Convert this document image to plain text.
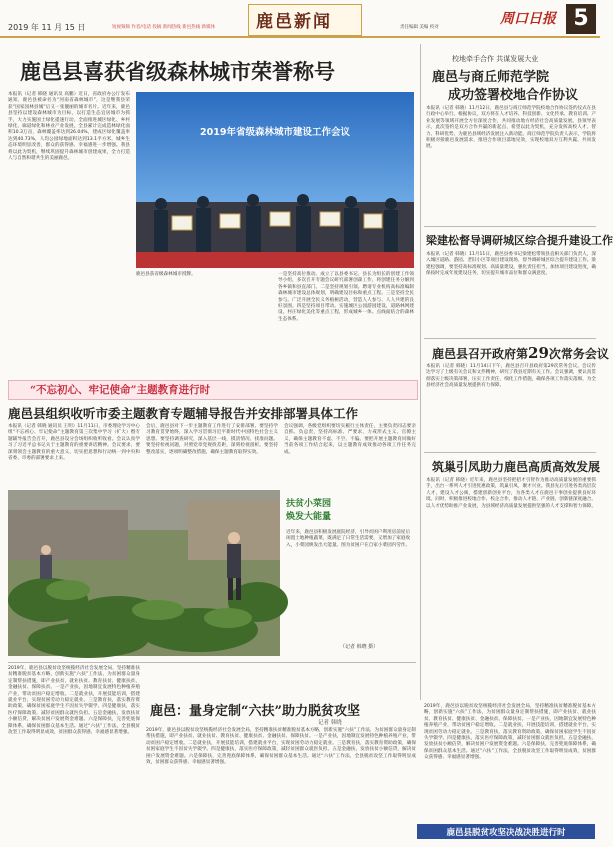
2019 年 11 月 15 日	短视频频 作者/电话 投稿 新闻热线 新邑热线 新媒体 鹿邑新闻	责任编辑 美编 校对
周口日报 5
鹿邑县喜获省级森林城市荣誉称号
本报讯（记者 韩晓 通讯员 高鹏）近日，省政府办公厅发布通知，鹿邑县被命名为“河南省森林城市”，这是继我县荣获“国家园林县城”后又一张靓丽的城市名片。近年来，鹿邑县坚持以建设森林城市为目标，以打造生态宜居城市为抓手，大力实施国土绿化提速行动，全面推进城区绿化、乡村绿化、廊道绿化和林业产业发展。全县累计完成造林绿化面积10.3万亩，森林覆盖率达到26.04%，建成区绿化覆盖率达到40.73%，人均公园绿地面积达到13.1平方米，城乡生态环境明显改善，群众的获得感、幸福感进一步增强。我县将以此为契机，继续巩固提升森林城市创建成果，全力打造人与自然和谐共生的美丽鹿邑。
2019年省级森林城市建设工作会议
鹿邑县获省级森林城市授牌。	一是坚持高位推动。成立了以县委书记、县长为组长的创建工作领导小组，多次召开专题会议研究部署创森工作，将创建任务分解到各乡镇和县直部门。二是坚持规划引领。聘请专业机构高标准编制森林城市建设总体规划，明确建设目标和重点工程。三是坚持全民参与。广泛开展全民义务植树活动，营造人人参与、人人共建的良好氛围。四是坚持项目带动。实施城区公园游园建设、道路林网建设、村庄绿化美化等重点工程，形成城乡一体、点线面结合的森林生态体系。
校地牵手合作 共谋发展大业
鹿邑与商丘师范学院
成功签署校地合作协议
本报讯（记者 韩晓）11月12日，鹿邑县与商丘师范学院校地合作协议签约仪式在县行政中心举行。根据协议，双方将在人才培养、科技创新、文化传承、教育培训、产业发展等领域开展全方位深度合作，共同推动地方经济社会高质量发展。县领导表示，此次签约是双方合作共赢的新起点，希望以此为契机，充分发挥高校人才、智力、科研优势，为鹿邑县域经济发展注入新动能。商丘师范学院负责人表示，学院将积极对接鹿邑发展需求，推进合作项目落地见效，实现校地双方互利共赢、共同发展。
梁建松督导调研城区综合提升建设工作
本报讯（记者 韩晓）11月11日，鹿邑县委书记梁建松带领县直相关部门负责人，深入城区道路、游园、老旧小区等项目建设现场，督导调研城区综合提升建设工作。梁建松强调，要坚持高标准规划、高质量建设，强化责任担当，加快项目建设进度，确保按时完成年度建设任务，切实提升城市品位和群众满意度。
鹿邑县召开政府第29次常务会议
本报讯（记者 韩晓）11月14日下午，鹿邑县召开县政府第29次常务会议。会议传达学习了上级有关会议和文件精神，研究了我县近期有关工作。会议强调，要认真贯彻落实上级决策部署，压实工作责任，细化工作措施，确保各项工作落实落细，为全县经济社会高质量发展提供有力保障。
筑巢引凤助力鹿邑高质高效发展
本报讯（记者 韩晓）近年来，鹿邑县坚持把招才引智作为推动高质量发展的重要抓手，出台一系列人才引进优惠政策，筑巢引凤，聚才兴业。我县先后引进各类高层次人才，建设人才公寓，搭建创新创业平台，为各类人才在鹿邑干事创业提供良好环境。同时，积极推进校地合作、校企合作，推动人才链、产业链、创新链深度融合，以人才优势助推产业发展，为县域经济高质量发展提供坚强的人才支撑和智力保障。
“不忘初心、牢记使命”主题教育进行时
鹿邑县组织收听市委主题教育专题辅导报告并安排部署具体工作
本报讯（记者 韩晓 通讯员 王明）11月11日，市委理论学习中心组“不忘初心、牢记使命”主题教育第三次集中学习（扩大）暨专题辅导报告会召开，鹿邑县设分会场组织收听收看。会议认真学习了习近平总书记关于主题教育的重要讲话精神。会议要求，要深刻领会主题教育的重大意义，切实把思想和行动统一到中央和省委、市委的部署要求上来。
会后，鹿邑县对下一步主题教育工作进行了安排部署。要坚持学习教育贯穿始终，深入学习贯彻习近平新时代中国特色社会主义思想。要坚持调查研究，深入基层一线，摸清情况、找准问题。要坚持检视问题，对照党章党规找差距，深刻检视剖析。要坚持整改落实，逐项明确整改措施，确保主题教育取得实效。
会议强调，各级党组织要切实履行主体责任，主要负责同志要亲自抓、负总责，坚持高标准、严要求，力戒形式主义、官僚主义，确保主题教育不虚、不空、不偏。要把开展主题教育同做好当前各项工作结合起来，以主题教育成效推动各项工作任务完成。
扶贫小菜园
焕发大能量
近年来，鹿邑县积极发展庭院经济，引导贫困户利用房前屋后闲置土地种植蔬菜，既满足了日常生活需要，又增加了家庭收入，小菜园焕发出大能量。图为贫困户在自家小菜园内劳作。
（记者 韩晓 摄）
鹿邑：量身定制“六扶”助力脱贫攻坚
记者 韩晓
2019年，鹿邑县以脱贫攻坚统揽经济社会发展全局，坚持精准扶贫精准脱贫基本方略，创新实施“六扶”工作法，为贫困群众量身定制帮扶措施，即产业扶贫、就业扶贫、教育扶贫、健康扶贫、金融扶贫、保障扶贫。一是产业扶，因地制宜发展特色种植养殖产业，带动贫困户稳定增收。二是就业扶，开展技能培训，搭建就业平台，实现贫困劳动力稳定就业。三是教育扶，落实教育资助政策，确保贫困家庭学生不因贫失学辍学。四是健康扶，落实医疗保障政策，减轻贫困群众就医负担。五是金融扶，发放扶贫小额信贷，解决贫困户发展资金难题。六是保障扶，完善兜底保障体系，确保贫困群众基本生活。通过“六扶”工作法，全县脱贫攻坚工作取得明显成效，贫困群众获得感、幸福感显著增强。	2019年，鹿邑县以脱贫攻坚统揽经济社会发展全局，坚持精准扶贫精准脱贫基本方略，创新实施“六扶”工作法，为贫困群众量身定制帮扶措施，即产业扶贫、就业扶贫、教育扶贫、健康扶贫、金融扶贫、保障扶贫。一是产业扶，因地制宜发展特色种植养殖产业，带动贫困户稳定增收。二是就业扶，开展技能培训，搭建就业平台，实现贫困劳动力稳定就业。三是教育扶，落实教育资助政策，确保贫困家庭学生不因贫失学辍学。四是健康扶，落实医疗保障政策，减轻贫困群众就医负担。五是金融扶，发放扶贫小额信贷，解决贫困户发展资金难题。六是保障扶，完善兜底保障体系，确保贫困群众基本生活。通过“六扶”工作法，全县脱贫攻坚工作取得明显成效，贫困群众获得感、幸福感显著增强。
2019年，鹿邑县以脱贫攻坚统揽经济社会发展全局，坚持精准扶贫精准脱贫基本方略，创新实施“六扶”工作法，为贫困群众量身定制帮扶措施，即产业扶贫、就业扶贫、教育扶贫、健康扶贫、金融扶贫、保障扶贫。一是产业扶，因地制宜发展特色种植养殖产业，带动贫困户稳定增收。二是就业扶，开展技能培训，搭建就业平台，实现贫困劳动力稳定就业。三是教育扶，落实教育资助政策，确保贫困家庭学生不因贫失学辍学。四是健康扶，落实医疗保障政策，减轻贫困群众就医负担。五是金融扶，发放扶贫小额信贷，解决贫困户发展资金难题。六是保障扶，完善兜底保障体系，确保贫困群众基本生活。通过“六扶”工作法，全县脱贫攻坚工作取得明显成效，贫困群众获得感、幸福感显著增强。
鹿邑县脱贫攻坚决战决胜进行时
